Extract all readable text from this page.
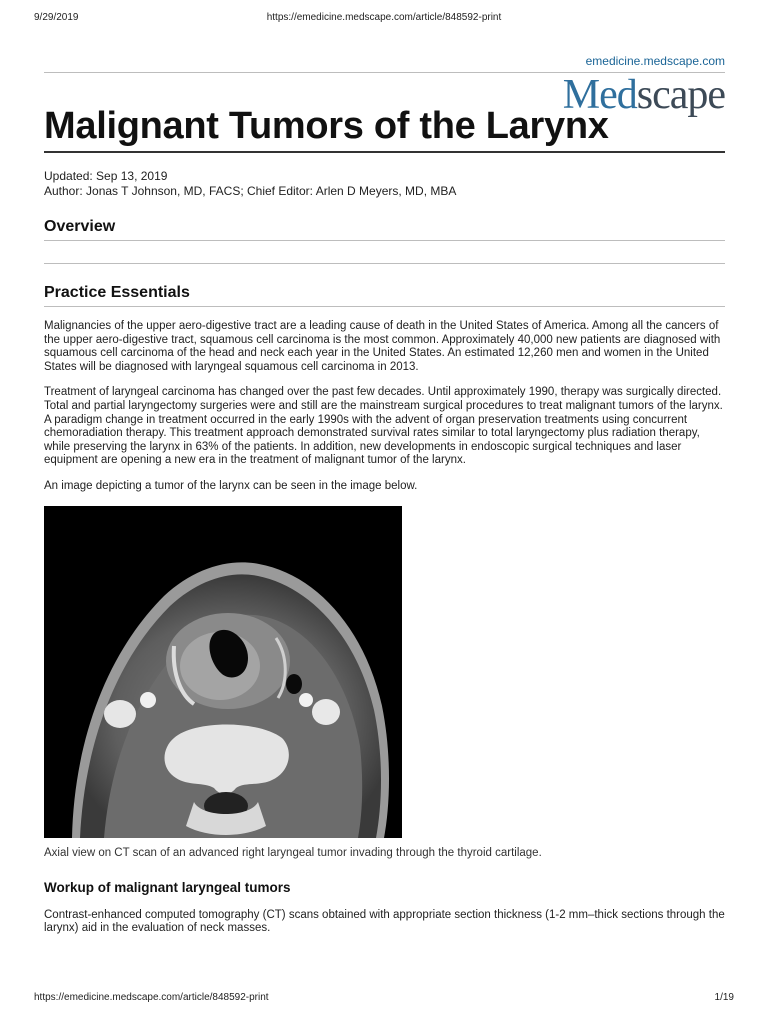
9/29/2019	https://emedicine.medscape.com/article/848592-print
emedicine.medscape.com
Medscape
Malignant Tumors of the Larynx
Updated: Sep 13, 2019
Author: Jonas T Johnson, MD, FACS; Chief Editor: Arlen D Meyers, MD, MBA
Overview
Practice Essentials

Malignancies of the upper aero-digestive tract are a leading cause of death in the United States of America. Among all the cancers of the upper aero-digestive tract, squamous cell carcinoma is the most common. Approximately 40,000 new patients are diagnosed with squamous cell carcinoma of the head and neck each year in the United States. An estimated 12,260 men and women in the United States will be diagnosed with laryngeal squamous cell carcinoma in 2013.

Treatment of laryngeal carcinoma has changed over the past few decades. Until approximately 1990, therapy was surgically directed. Total and partial laryngectomy surgeries were and still are the mainstream surgical procedures to treat malignant tumors of the larynx. A paradigm change in treatment occurred in the early 1990s with the advent of organ preservation treatments using concurrent chemoradiation therapy. This treatment approach demonstrated survival rates similar to total laryngectomy plus radiation therapy, while preserving the larynx in 63% of the patients. In addition, new developments in endoscopic surgical techniques and laser equipment are opening a new era in the treatment of malignant tumor of the larynx.

An image depicting a tumor of the larynx can be seen in the image below.

Axial view on CT scan of an advanced right laryngeal tumor invading through the thyroid cartilage.
Workup of malignant laryngeal tumors

Contrast-enhanced computed tomography (CT) scans obtained with appropriate section thickness (1-2 mm–thick sections through the larynx) aid in the evaluation of neck masses.

https://emedicine.medscape.com/article/848592-print	1/19
